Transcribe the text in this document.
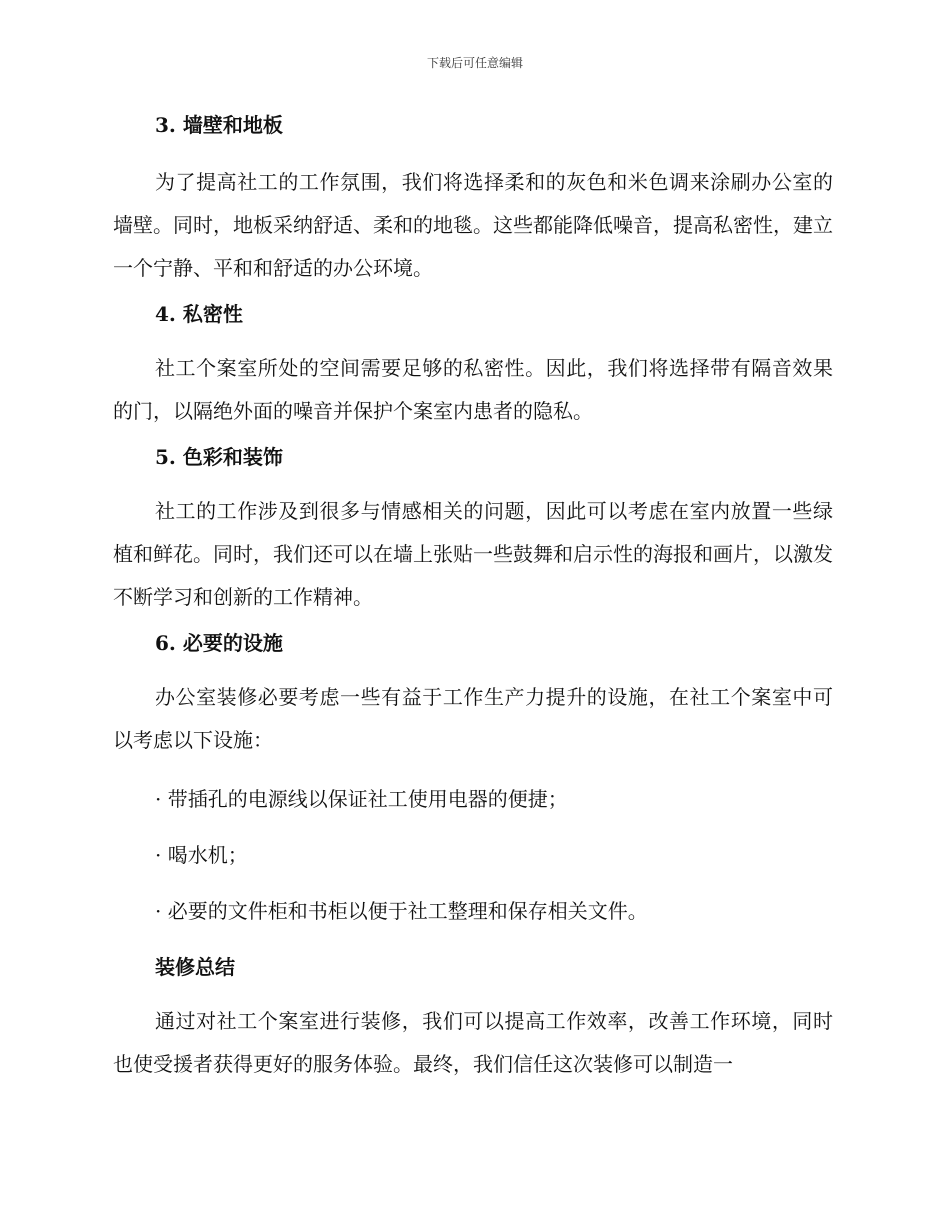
下载后可任意编辑
3. 墙壁和地板
为了提高社工的工作氛围，我们将选择柔和的灰色和米色调来涂刷办公室的墙壁。同时，地板采纳舒适、柔和的地毯。这些都能降低噪音，提高私密性，建立一个宁静、平和和舒适的办公环境。
4. 私密性
社工个案室所处的空间需要足够的私密性。因此，我们将选择带有隔音效果的门，以隔绝外面的噪音并保护个案室内患者的隐私。
5. 色彩和装饰
社工的工作涉及到很多与情感相关的问题，因此可以考虑在室内放置一些绿植和鲜花。同时，我们还可以在墙上张贴一些鼓舞和启示性的海报和画片，以激发不断学习和创新的工作精神。
6. 必要的设施
办公室装修必要考虑一些有益于工作生产力提升的设施，在社工个案室中可以考虑以下设施：
· 带插孔的电源线以保证社工使用电器的便捷；
· 喝水机；
· 必要的文件柜和书柜以便于社工整理和保存相关文件。
装修总结
通过对社工个案室进行装修，我们可以提高工作效率，改善工作环境，同时也使受援者获得更好的服务体验。最终，我们信任这次装修可以制造一
